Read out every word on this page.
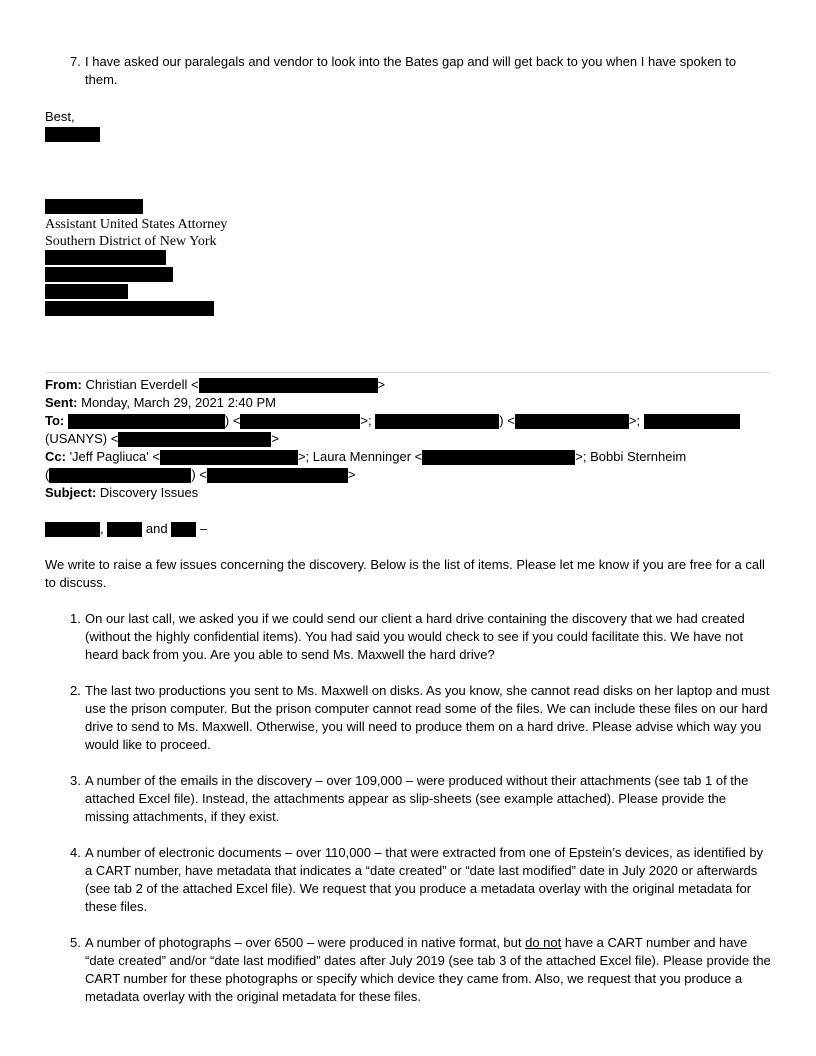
7. I have asked our paralegals and vendor to look into the Bates gap and will get back to you when I have spoken to them.
Best,
Assistant United States Attorney
Southern District of New York
From: Christian Everdell <	>
Sent: Monday, March 29, 2021 2:40 PM
To:	) <	>;	) <	>;
(USANYS) <	>
Cc: 'Jeff Pagliuca' <	>; Laura Menninger <	>; Bobbi Sternheim
(	) <	>
Subject: Discovery Issues
,	and –
We write to raise a few issues concerning the discovery. Below is the list of items. Please let me know if you are free for a call to discuss.
1. On our last call, we asked you if we could send our client a hard drive containing the discovery that we had created (without the highly confidential items). You had said you would check to see if you could facilitate this. We have not heard back from you. Are you able to send Ms. Maxwell the hard drive?
2. The last two productions you sent to Ms. Maxwell on disks. As you know, she cannot read disks on her laptop and must use the prison computer. But the prison computer cannot read some of the files. We can include these files on our hard drive to send to Ms. Maxwell. Otherwise, you will need to produce them on a hard drive. Please advise which way you would like to proceed.
3. A number of the emails in the discovery – over 109,000 – were produced without their attachments (see tab 1 of the attached Excel file). Instead, the attachments appear as slip-sheets (see example attached). Please provide the missing attachments, if they exist.
4. A number of electronic documents – over 110,000 – that were extracted from one of Epstein’s devices, as identified by a CART number, have metadata that indicates a “date created” or “date last modified” date in July 2020 or afterwards (see tab 2 of the attached Excel file). We request that you produce a metadata overlay with the original metadata for these files.
5. A number of photographs – over 6500 – were produced in native format, but do not have a CART number and have “date created” and/or “date last modified” dates after July 2019 (see tab 3 of the attached Excel file). Please provide the CART number for these photographs or specify which device they came from. Also, we request that you produce a metadata overlay with the original metadata for these files.
